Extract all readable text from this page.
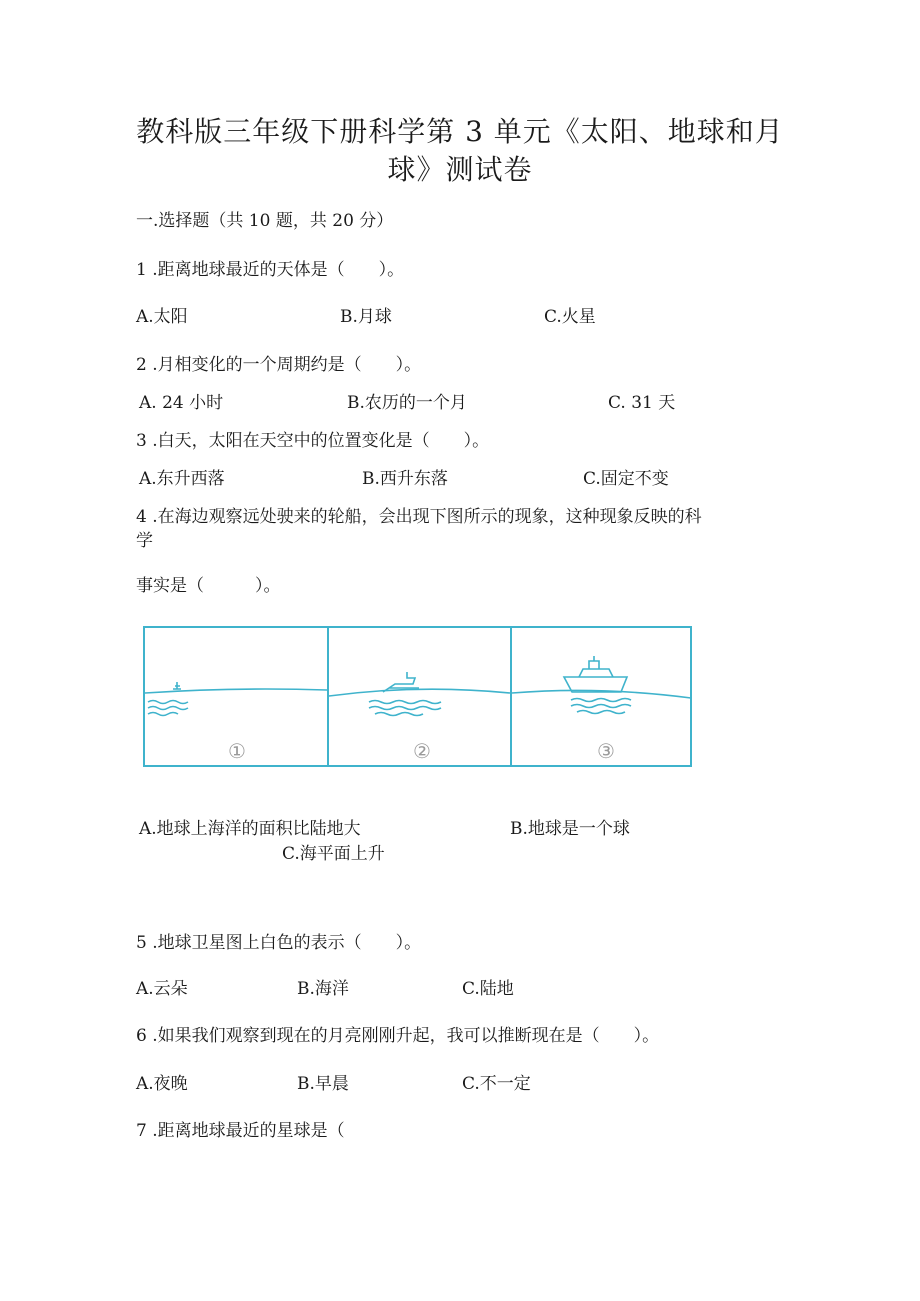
教科版三年级下册科学第 3 单元《太阳、地球和月
球》测试卷
一.选择题（共 10 题，共 20 分）
1 .距离地球最近的天体是（　　）。
A.太阳	B.月球	C.火星
2 .月相变化的一个周期约是（　　）。
A. 24 小时	B.农历的一个月	C. 31 天
3 .白天，太阳在天空中的位置变化是（　　）。
A.东升西落	B.西升东落	C.固定不变
4 .在海边观察远处驶来的轮船，会出现下图所示的现象，这种现象反映的科
学
事实是（　　　）。
①	②	③
A.地球上海洋的面积比陆地大	B.地球是一个球
C.海平面上升
5 .地球卫星图上白色的表示（　　）。
A.云朵	B.海洋	C.陆地
6 .如果我们观察到现在的月亮刚刚升起，我可以推断现在是（　　）。
A.夜晚	B.早晨	C.不一定
7 .距离地球最近的星球是（
